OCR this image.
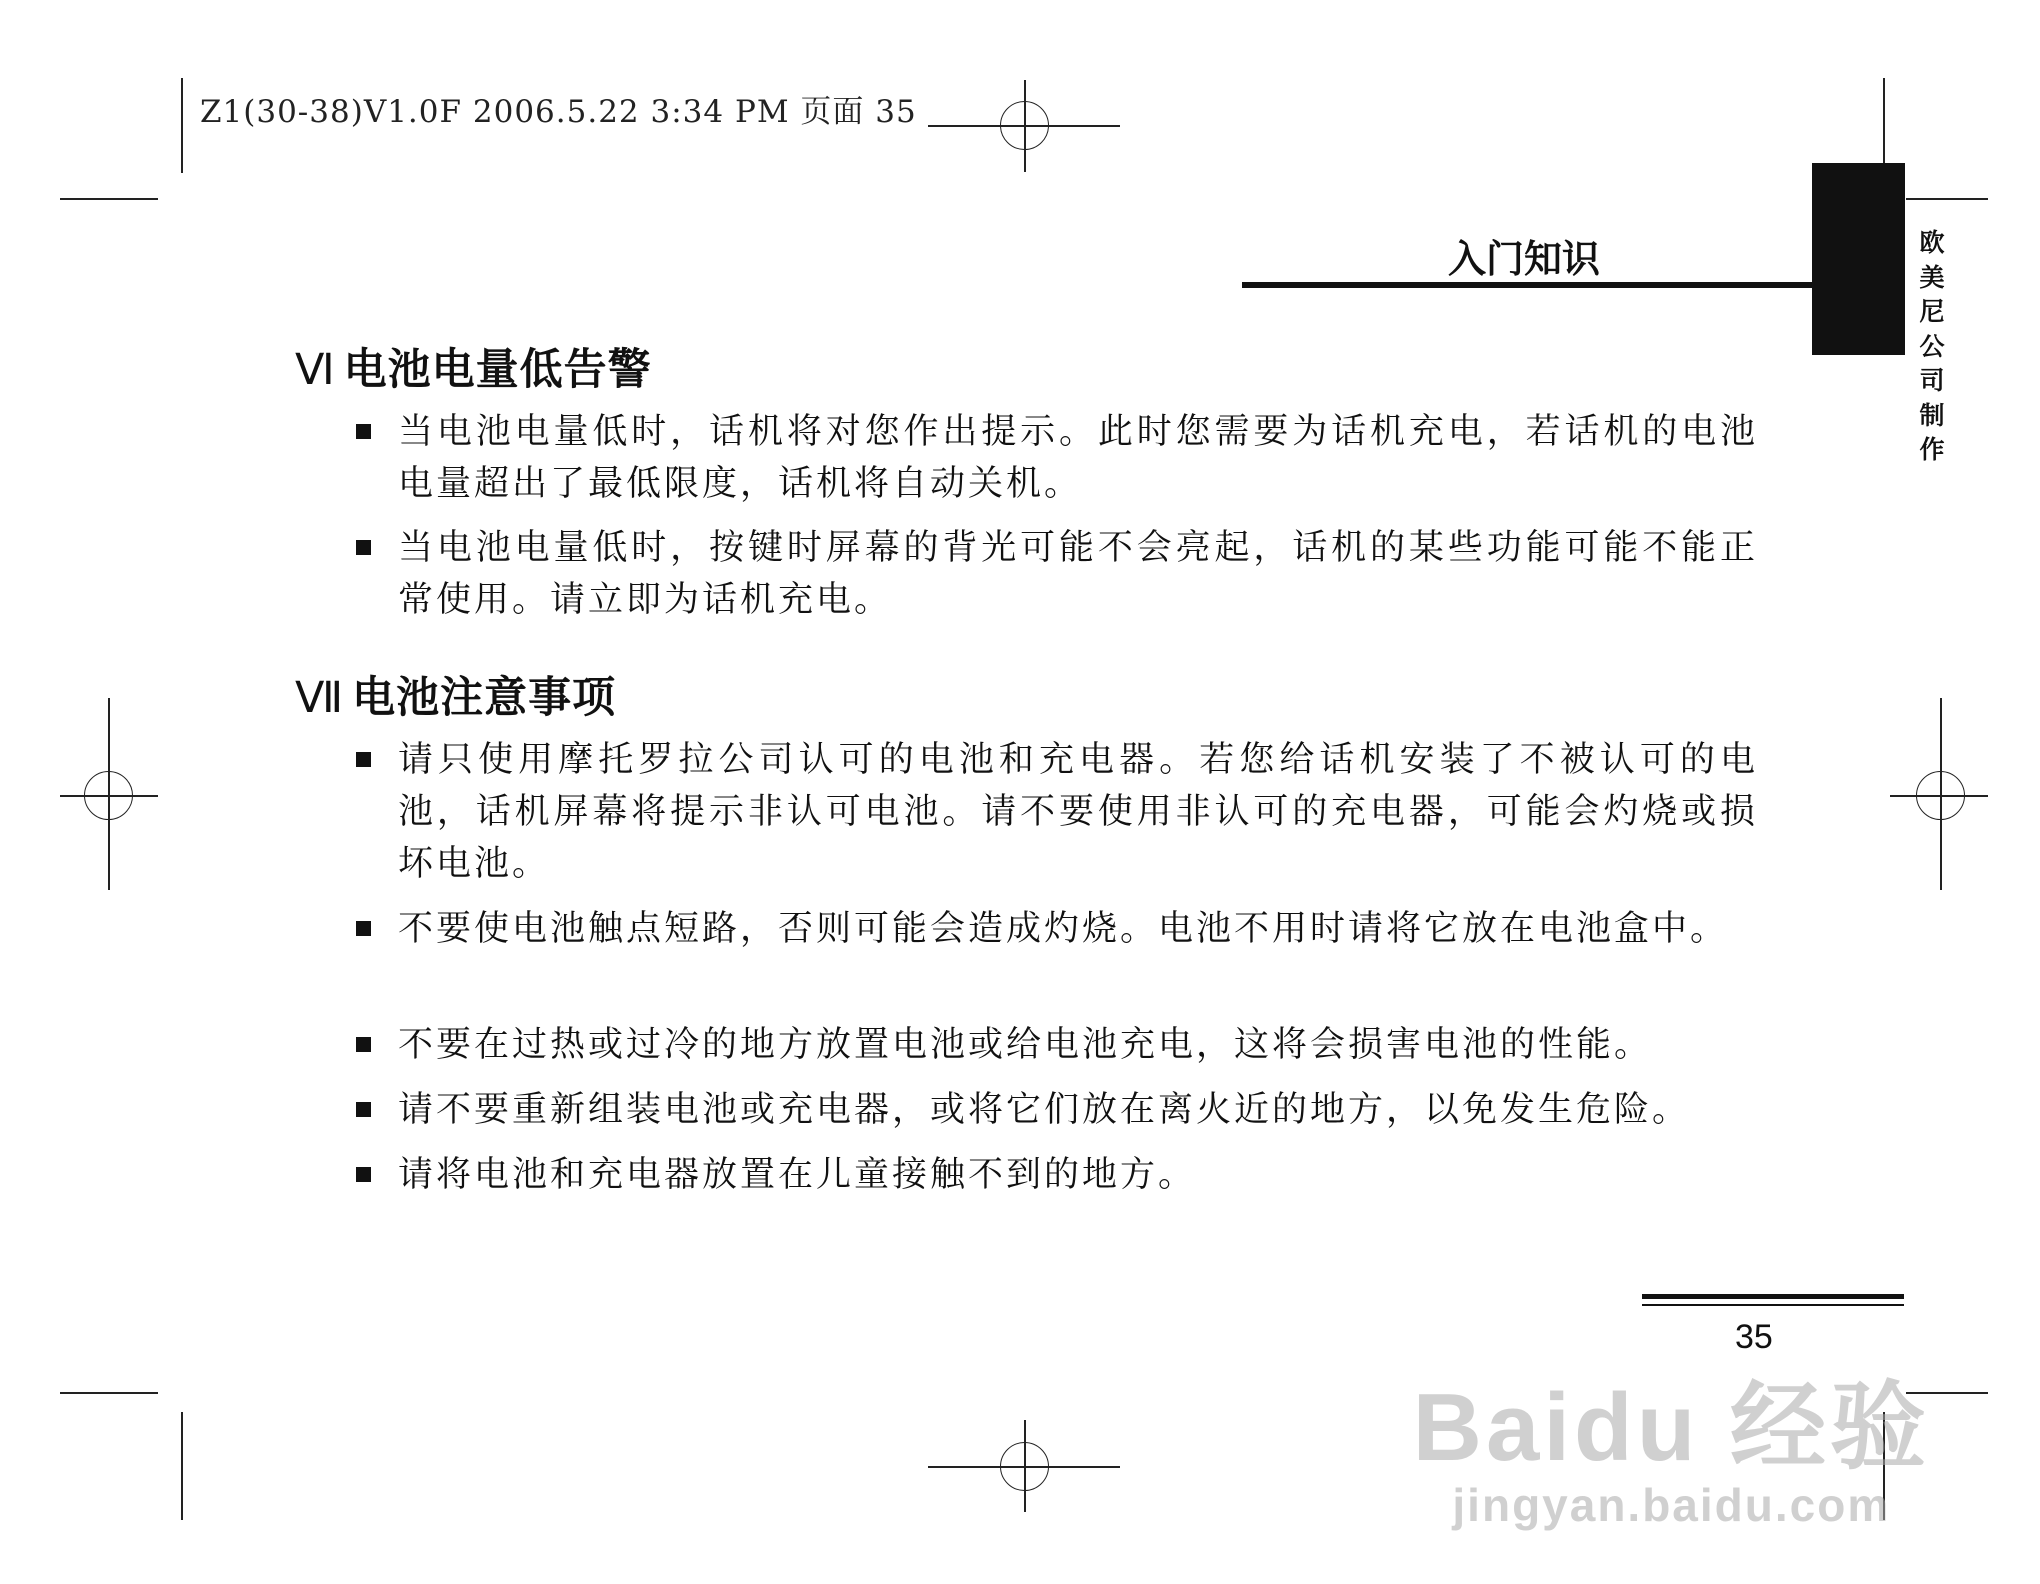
Z1(30-38)V1.0F 2006.5.22 3:34 PM 页面 35
入门知识	欧美尼公司制作
Ⅵ 电池电量低告警
当电池电量低时，话机将对您作出提示。此时您需要为话机充电，若话机的电池电量超出了最低限度，话机将自动关机。
当电池电量低时，按键时屏幕的背光可能不会亮起，话机的某些功能可能不能正常使用。请立即为话机充电。
Ⅶ 电池注意事项
请只使用摩托罗拉公司认可的电池和充电器。若您给话机安装了不被认可的电池，话机屏幕将提示非认可电池。请不要使用非认可的充电器，可能会灼烧或损坏电池。
不要使电池触点短路，否则可能会造成灼烧。电池不用时请将它放在电池盒中。
不要在过热或过冷的地方放置电池或给电池充电，这将会损害电池的性能。
请不要重新组装电池或充电器，或将它们放在离火近的地方，以免发生危险。
请将电池和充电器放置在儿童接触不到的地方。
35
Baidu 经验
jingyan.baidu.com
